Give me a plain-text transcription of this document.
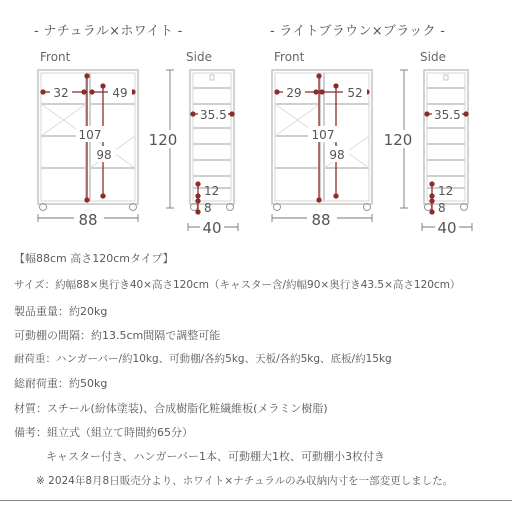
- ナチュラル×ホワイト -	- ライトブラウン×ブラック -
Front	Side	Front	Side
32	49
107
98
120
88
35.5
12
8
40
29	52
107
98
120
88
35.5
12
8
40
【幅88cm 高さ120cmタイプ】
サイズ：約幅88×奥行き40×高さ120cm（キャスター含/約幅90×奥行き43.5×高さ120cm）
製品重量：約20kg
可動棚の間隔：約13.5cm間隔で調整可能
耐荷重：ハンガーバー/約10kg、可動棚/各約5kg、天板/各約5kg、底板/約15kg
総耐荷重：約50kg
材質：スチール(紛体塗装)、合成樹脂化粧繊維板(メラミン樹脂)
備考：組立式（組立て時間約65分）
キャスター付き、ハンガーバー1本、可動棚大1枚、可動棚小3枚付き
※ 2024年8月8日販売分より、ホワイト×ナチュラルのみ収納内寸を一部変更しました。
